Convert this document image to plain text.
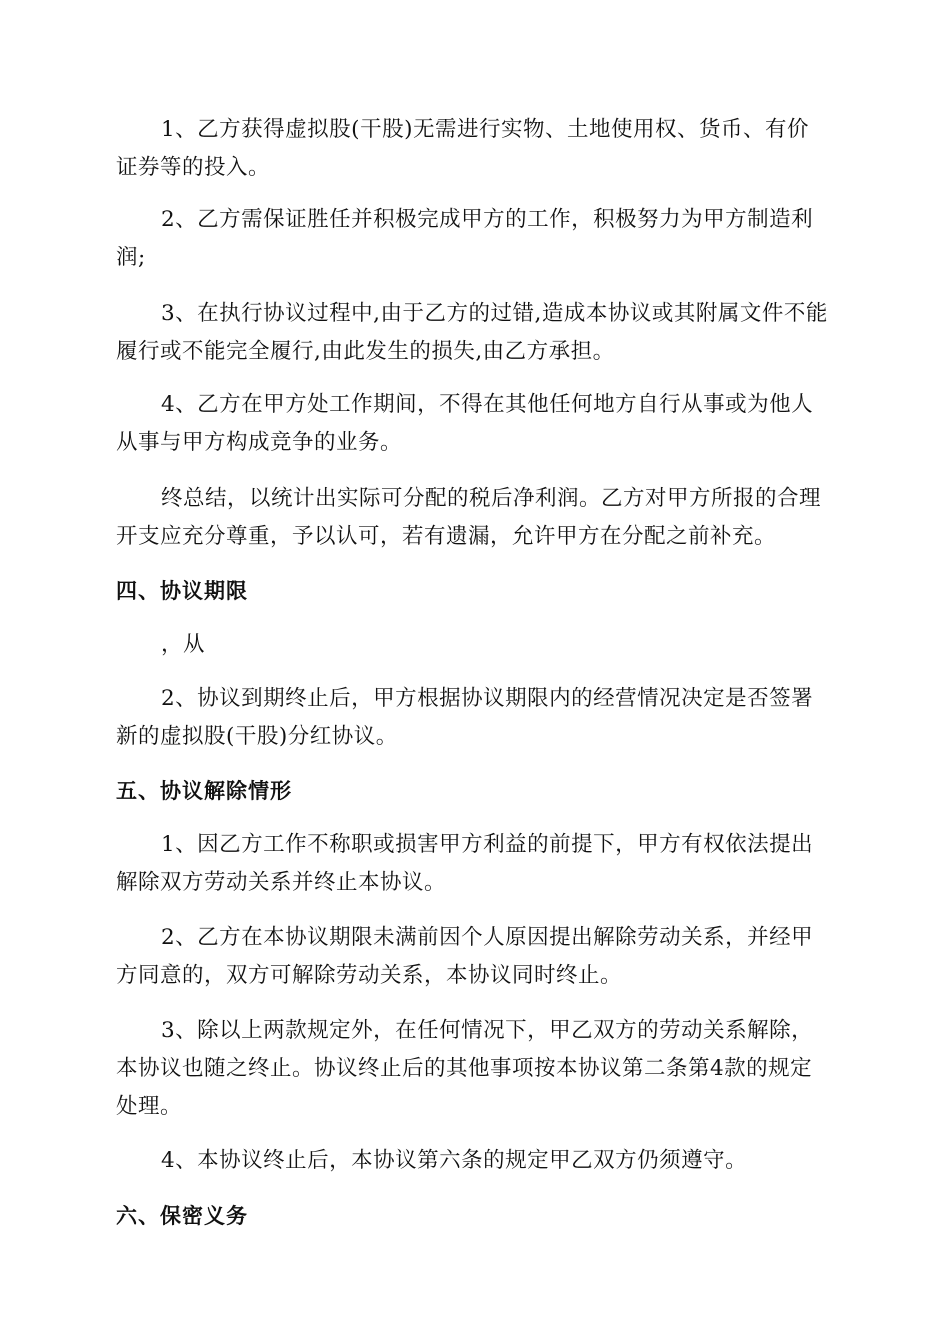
1、乙方获得虚拟股(干股)无需进行实物、土地使用权、货币、有价证券等的投入。

2、乙方需保证胜任并积极完成甲方的工作，积极努力为甲方制造利润;

3、在执行协议过程中,由于乙方的过错,造成本协议或其附属文件不能履行或不能完全履行,由此发生的损失,由乙方承担。

4、乙方在甲方处工作期间，不得在其他任何地方自行从事或为他人从事与甲方构成竞争的业务。

终总结，以统计出实际可分配的税后净利润。乙方对甲方所报的合理开支应充分尊重，予以认可，若有遗漏，允许甲方在分配之前补充。

四、协议期限

，从

2、协议到期终止后，甲方根据协议期限内的经营情况决定是否签署新的虚拟股(干股)分红协议。

五、协议解除情形

1、因乙方工作不称职或损害甲方利益的前提下，甲方有权依法提出解除双方劳动关系并终止本协议。

2、乙方在本协议期限未满前因个人原因提出解除劳动关系，并经甲方同意的，双方可解除劳动关系，本协议同时终止。

3、除以上两款规定外，在任何情况下，甲乙双方的劳动关系解除，本协议也随之终止。协议终止后的其他事项按本协议第二条第4款的规定处理。

4、本协议终止后，本协议第六条的规定甲乙双方仍须遵守。

六、保密义务
